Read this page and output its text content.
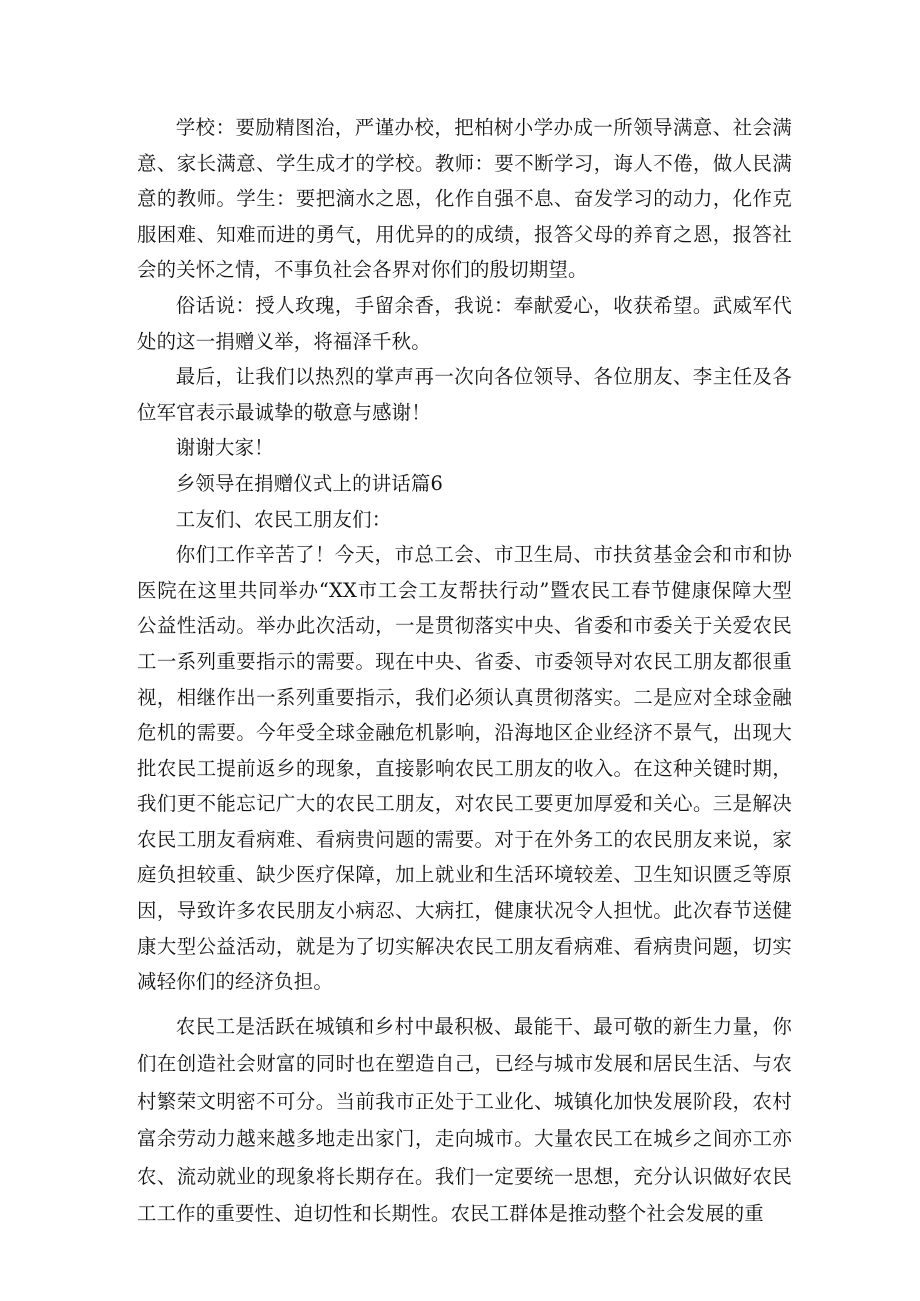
学校：要励精图治，严谨办校，把柏树小学办成一所领导满意、社会满意、家长满意、学生成才的学校。教师：要不断学习，诲人不倦，做人民满意的教师。学生：要把滴水之恩，化作自强不息、奋发学习的动力，化作克服困难、知难而进的勇气，用优异的的成绩，报答父母的养育之恩，报答社会的关怀之情，不事负社会各界对你们的殷切期望。

俗话说：授人玫瑰，手留余香，我说：奉献爱心，收获希望。武威军代处的这一捐赠义举，将福泽千秋。

最后，让我们以热烈的掌声再一次向各位领导、各位朋友、李主任及各位军官表示最诚挚的敬意与感谢！

谢谢大家！

乡领导在捐赠仪式上的讲话篇6

工友们、农民工朋友们：

你们工作辛苦了！今天，市总工会、市卫生局、市扶贫基金会和市和协医院在这里共同举办“XX市工会工友帮扶行动”暨农民工春节健康保障大型公益性活动。举办此次活动，一是贯彻落实中央、省委和市委关于关爱农民工一系列重要指示的需要。现在中央、省委、市委领导对农民工朋友都很重视，相继作出一系列重要指示，我们必须认真贯彻落实。二是应对全球金融危机的需要。今年受全球金融危机影响，沿海地区企业经济不景气，出现大批农民工提前返乡的现象，直接影响农民工朋友的收入。在这种关键时期，我们更不能忘记广大的农民工朋友，对农民工要更加厚爱和关心。三是解决农民工朋友看病难、看病贵问题的需要。对于在外务工的农民朋友来说，家庭负担较重、缺少医疗保障，加上就业和生活环境较差、卫生知识匮乏等原因，导致许多农民朋友小病忍、大病扛，健康状况令人担忧。此次春节送健康大型公益活动，就是为了切实解决农民工朋友看病难、看病贵问题，切实减轻你们的经济负担。

农民工是活跃在城镇和乡村中最积极、最能干、最可敬的新生力量，你们在创造社会财富的同时也在塑造自己，已经与城市发展和居民生活、与农村繁荣文明密不可分。当前我市正处于工业化、城镇化加快发展阶段，农村富余劳动力越来越多地走出家门，走向城市。大量农民工在城乡之间亦工亦农、流动就业的现象将长期存在。我们一定要统一思想，充分认识做好农民工工作的重要性、迫切性和长期性。农民工群体是推动整个社会发展的重
